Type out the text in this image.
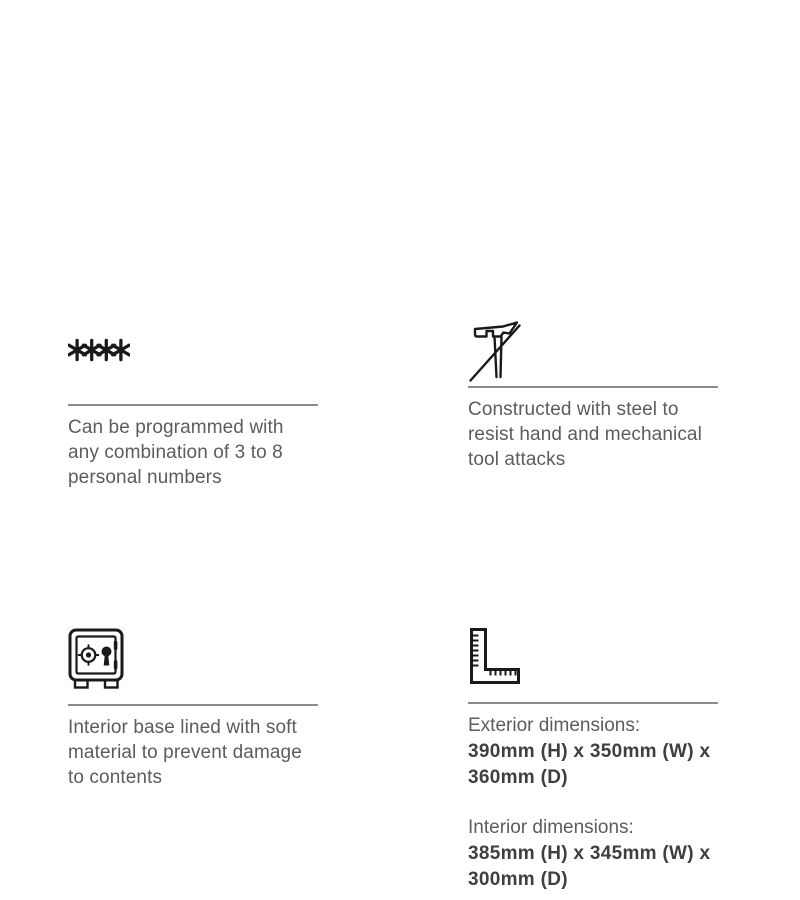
Can be programmed with any combination of 3 to 8 personal numbers
Constructed with steel to resist hand and mechanical tool attacks
Interior base lined with soft material to prevent damage to contents
Exterior dimensions:
390mm (H) x 350mm (W) x 360mm (D)
Interior dimensions:
385mm (H) x 345mm (W) x 300mm (D)
